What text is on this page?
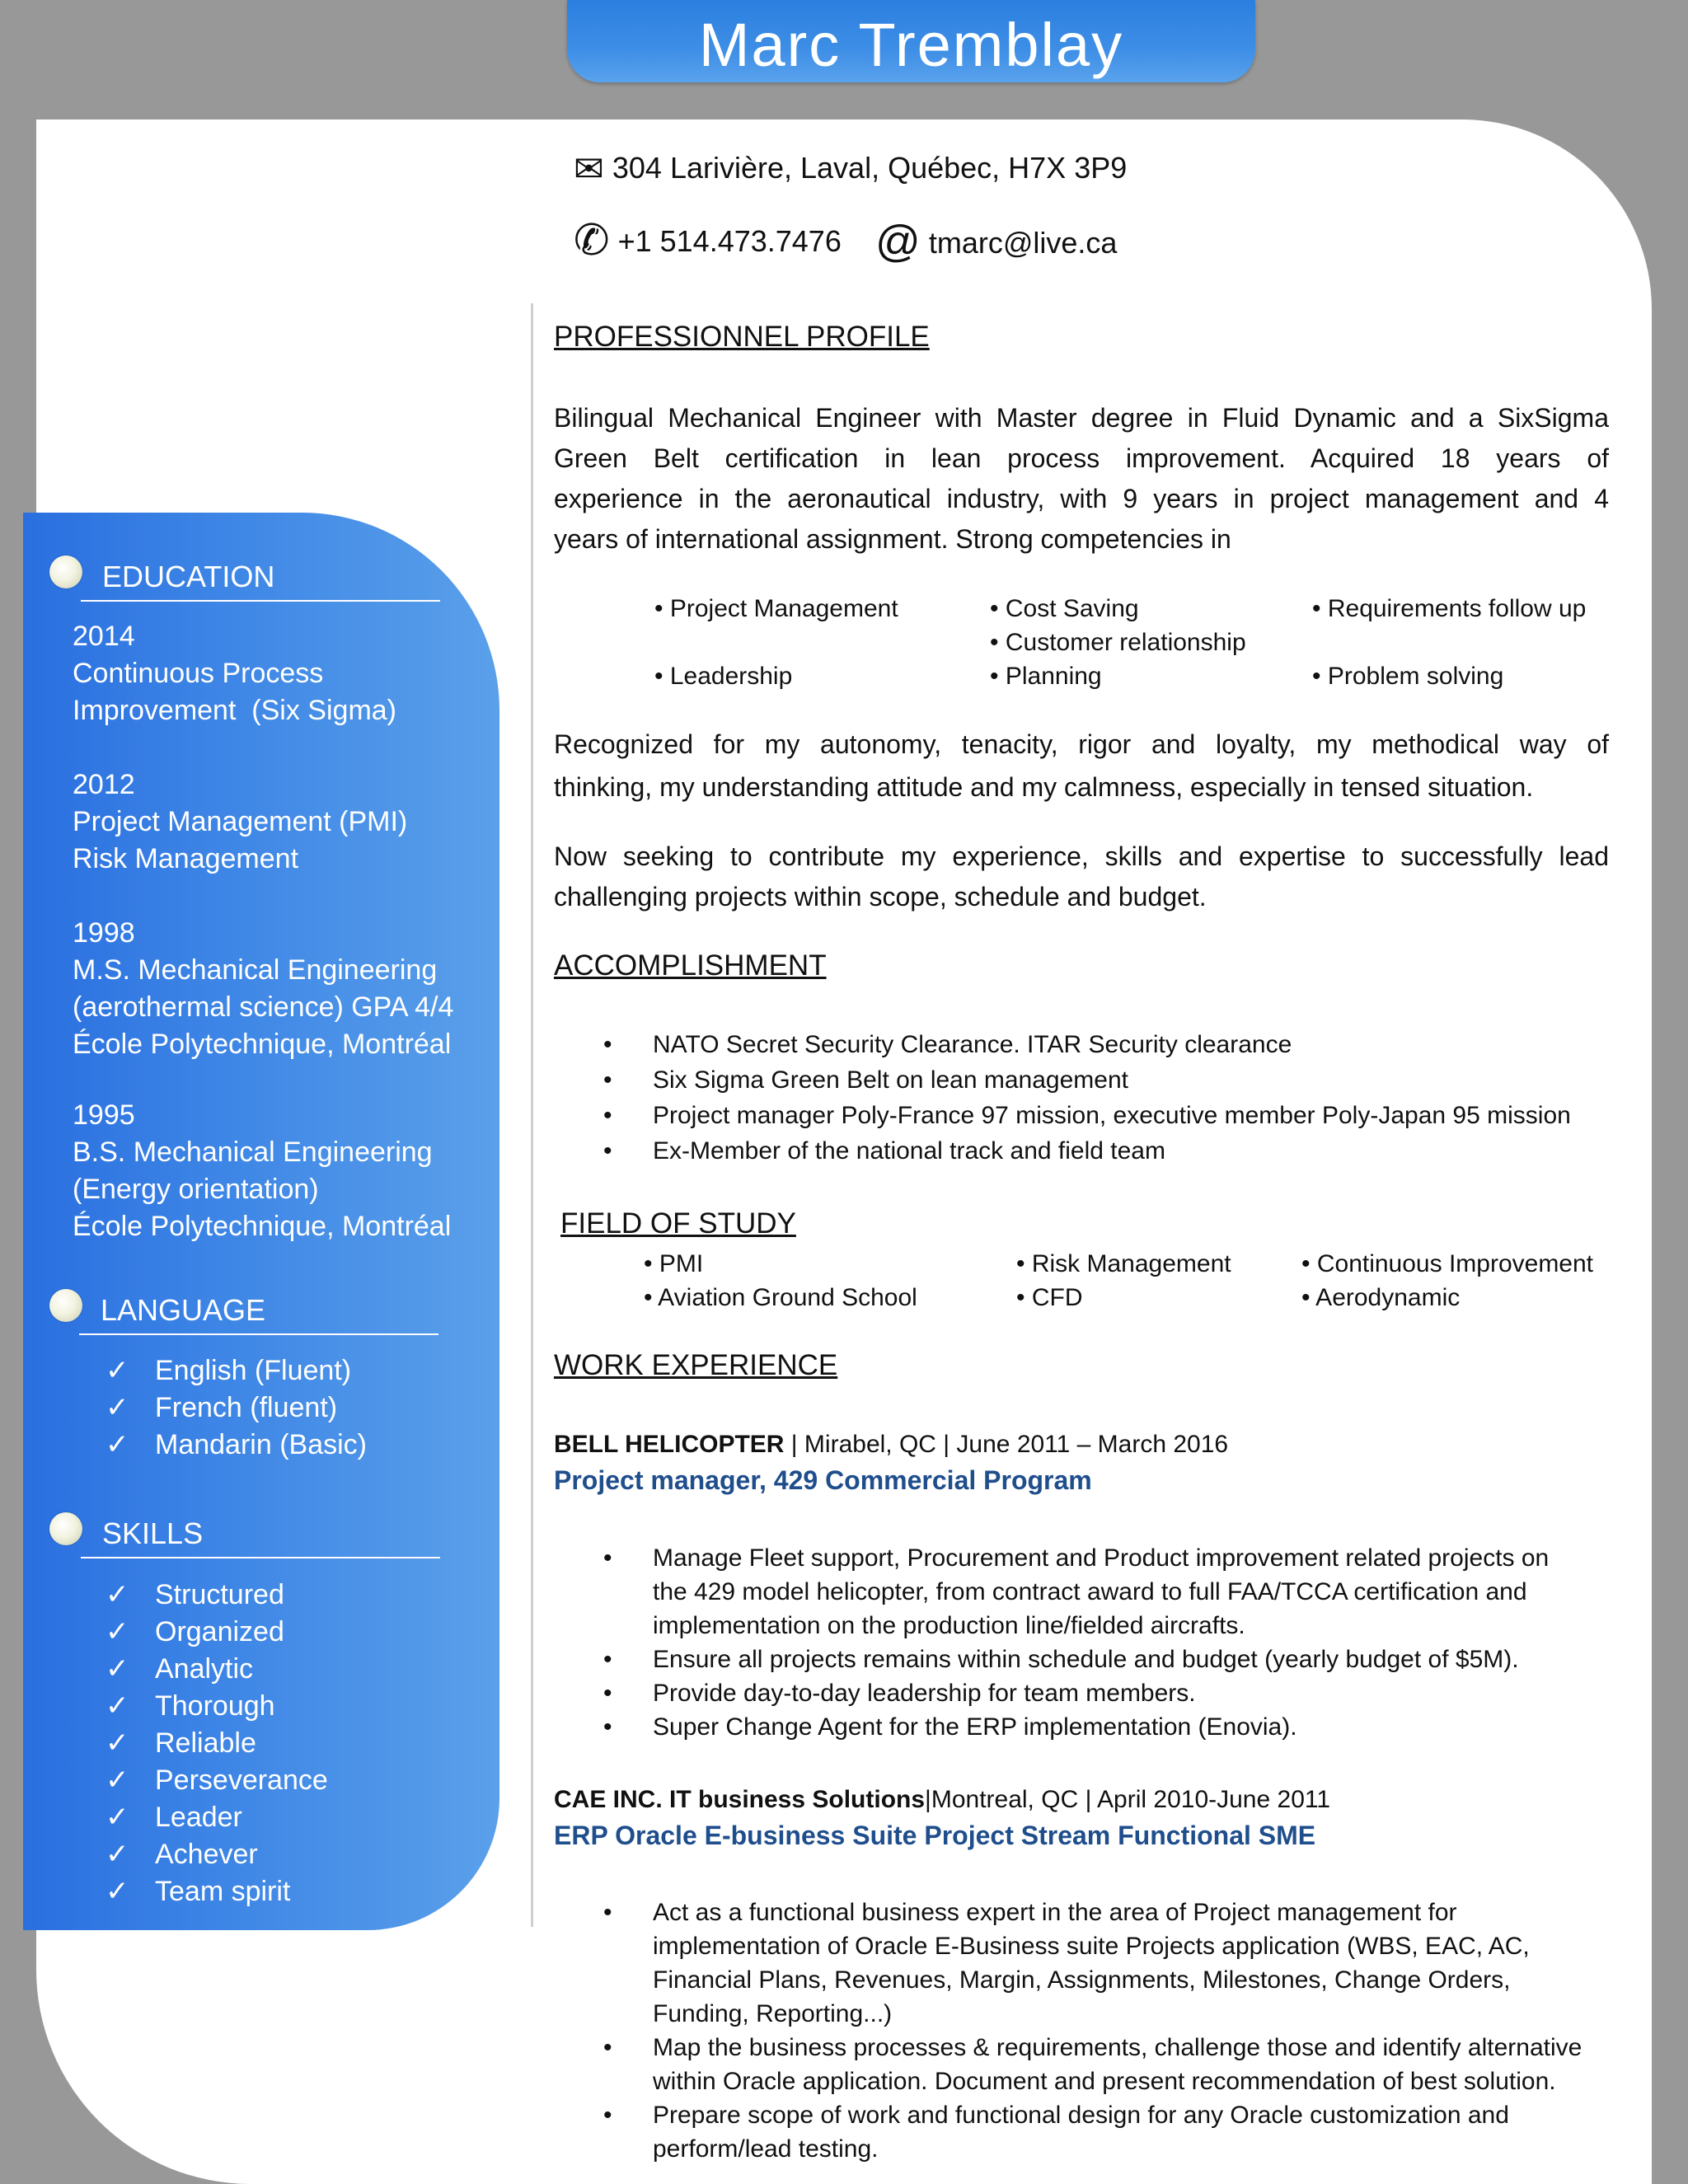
Marc Tremblay
✉ 304 Larivière, Laval, Québec, H7X 3P9
✆ +1 514.473.7476 @ tmarc@live.ca
EDUCATION
2014
Continuous Process
Improvement  (Six Sigma)
2012
Project Management (PMI)
Risk Management
1998
M.S. Mechanical Engineering
(aerothermal science) GPA 4/4
École Polytechnique, Montréal
1995
B.S. Mechanical Engineering
(Energy orientation)
École Polytechnique, Montréal
LANGUAGE
✓ English (Fluent)
✓ French (fluent)
✓ Mandarin (Basic)
SKILLS
✓ Structured
✓ Organized
✓ Analytic
✓ Thorough
✓ Reliable
✓ Perseverance
✓ Leader
✓ Achever
✓ Team spirit
PROFESSIONNEL PROFILE
Bilingual Mechanical Engineer with Master degree in Fluid Dynamic and a SixSigma
Green Belt certification in lean process improvement. Acquired 18 years of
experience in the aeronautical industry, with 9 years in project management and 4
years of international assignment. Strong competencies in
• Project Management
• Leadership
• Cost Saving
• Customer relationship
• Planning
• Requirements follow up
• Problem solving
Recognized for my autonomy, tenacity, rigor and loyalty, my methodical way of
thinking, my understanding attitude and my calmness, especially in tensed situation.
Now seeking to contribute my experience, skills and expertise to successfully lead
challenging projects within scope, schedule and budget.
ACCOMPLISHMENT
• NATO Secret Security Clearance. ITAR Security clearance
• Six Sigma Green Belt on lean management
• Project manager Poly-France 97 mission, executive member Poly-Japan 95 mission
• Ex-Member of the national track and field team
FIELD OF STUDY
• PMI
• Aviation Ground School
• Risk Management
• CFD
• Continuous Improvement
• Aerodynamic
WORK EXPERIENCE
BELL HELICOPTER | Mirabel, QC | June 2011 – March 2016
Project manager, 429 Commercial Program
• Manage Fleet support, Procurement and Product improvement related projects on
the 429 model helicopter, from contract award to full FAA/TCCA certification and
implementation on the production line/fielded aircrafts.
• Ensure all projects remains within schedule and budget (yearly budget of $5M).
• Provide day-to-day leadership for team members.
• Super Change Agent for the ERP implementation (Enovia).
CAE INC. IT business Solutions|Montreal, QC | April 2010-June 2011
ERP Oracle E-business Suite Project Stream Functional SME
• Act as a functional business expert in the area of Project management for
implementation of Oracle E-Business suite Projects application (WBS, EAC, AC,
Financial Plans, Revenues, Margin, Assignments, Milestones, Change Orders,
Funding, Reporting...)
• Map the business processes & requirements, challenge those and identify alternative
within Oracle application. Document and present recommendation of best solution.
• Prepare scope of work and functional design for any Oracle customization and
perform/lead testing.
